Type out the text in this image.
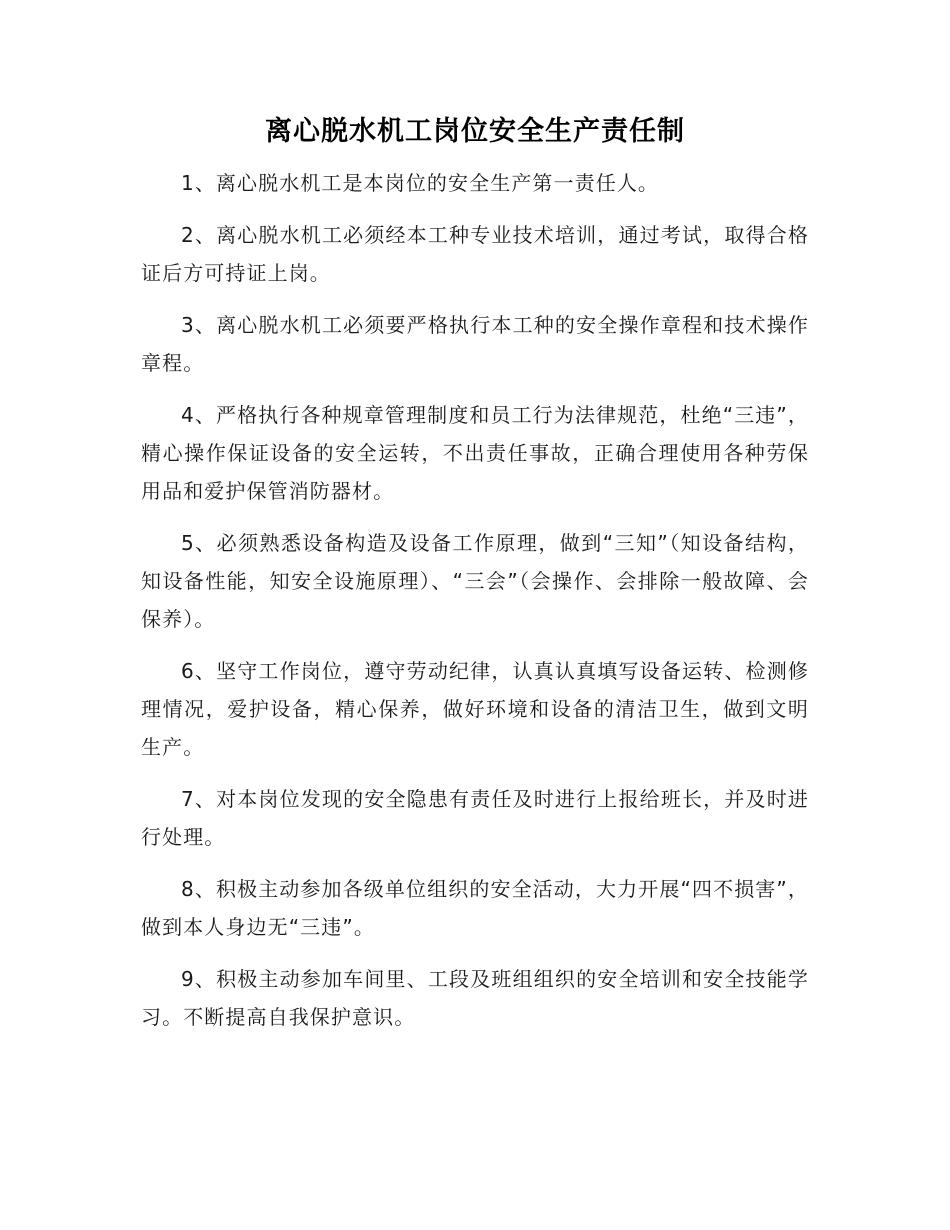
离心脱水机工岗位安全生产责任制

1、离心脱水机工是本岗位的安全生产第一责任人。

2、离心脱水机工必须经本工种专业技术培训，通过考试，取得合格证后方可持证上岗。

3、离心脱水机工必须要严格执行本工种的安全操作章程和技术操作章程。

4、严格执行各种规章管理制度和员工行为法律规范，杜绝“三违”，精心操作保证设备的安全运转，不出责任事故，正确合理使用各种劳保用品和爱护保管消防器材。

5、必须熟悉设备构造及设备工作原理，做到“三知”（知设备结构，知设备性能，知安全设施原理）、“三会”（会操作、会排除一般故障、会保养）。

6、坚守工作岗位，遵守劳动纪律，认真认真填写设备运转、检测修理情况，爱护设备，精心保养，做好环境和设备的清洁卫生，做到文明生产。

7、对本岗位发现的安全隐患有责任及时进行上报给班长，并及时进行处理。

8、积极主动参加各级单位组织的安全活动，大力开展“四不损害”，做到本人身边无“三违”。

9、积极主动参加车间里、工段及班组组织的安全培训和安全技能学习。不断提高自我保护意识。
